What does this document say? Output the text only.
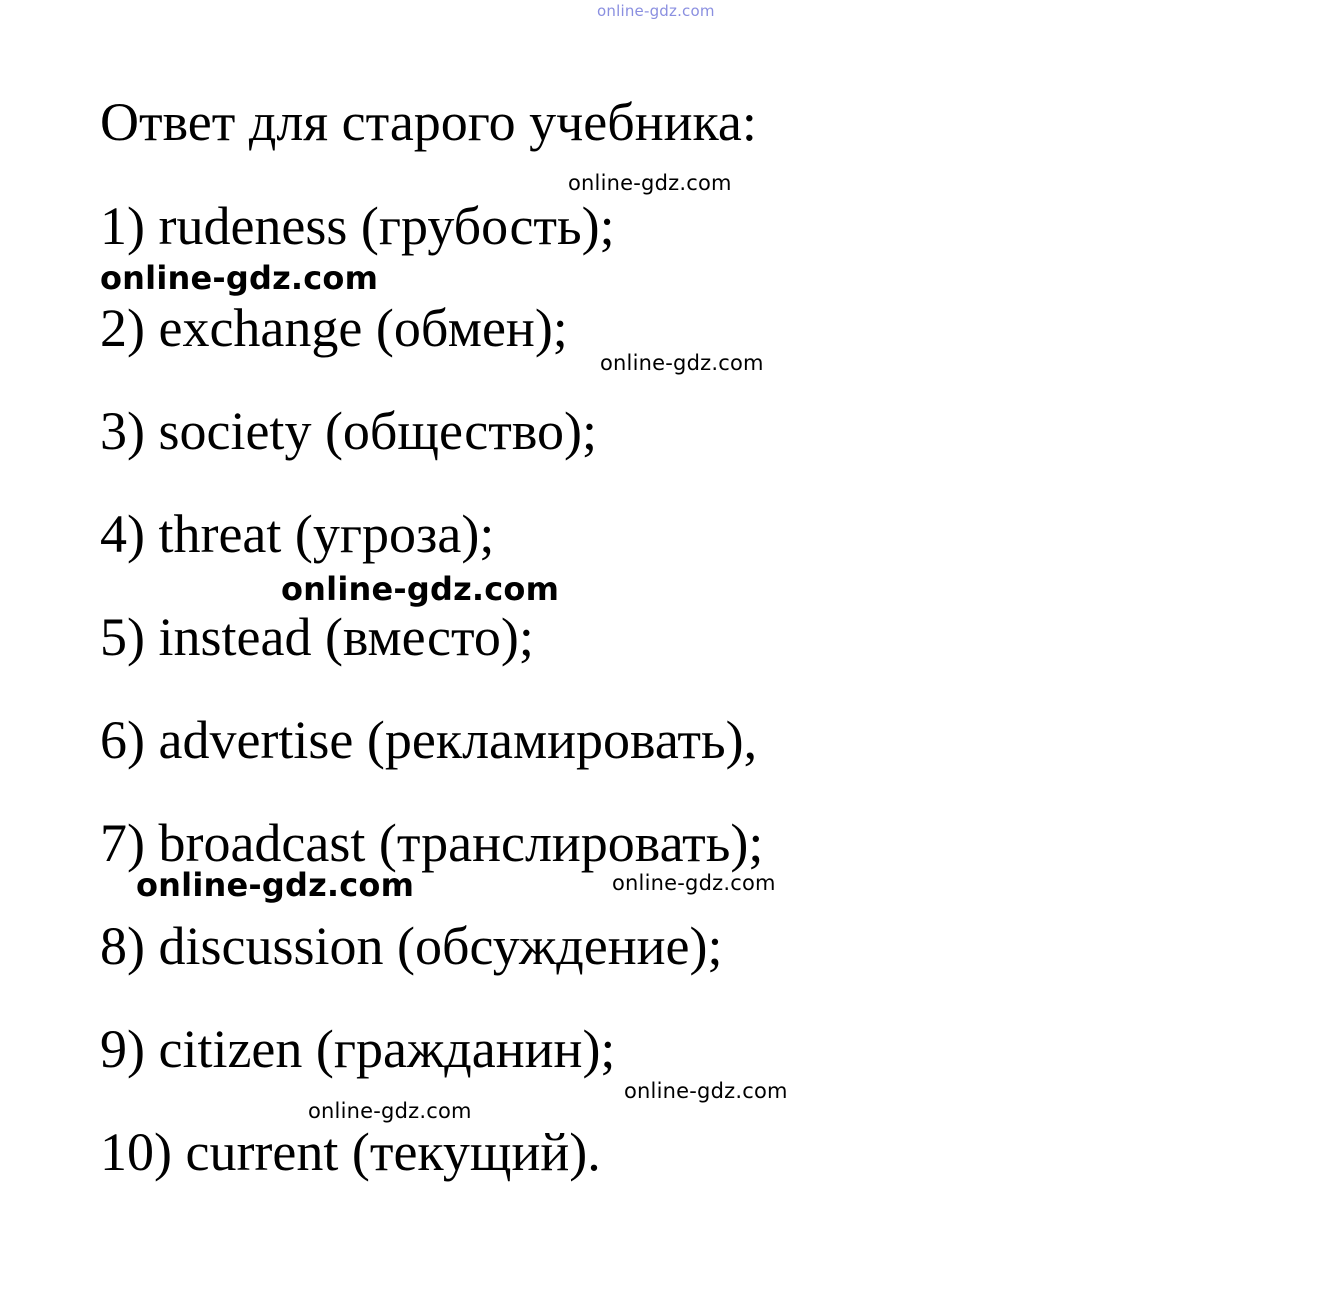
online-gdz.com
Ответ для старого учебника:
1) rudeness (грубость);
2) exchange (обмен);
3) society (общество);
4) threat (угроза);
5) instead (вместо);
6) advertise (рекламировать),
7) broadcast (транслировать);
8) discussion (обсуждение);
9) citizen (гражданин);
10) current (текущий).
online-gdz.com
online-gdz.com
online-gdz.com
online-gdz.com
online-gdz.com	online-gdz.com
online-gdz.com
online-gdz.com
